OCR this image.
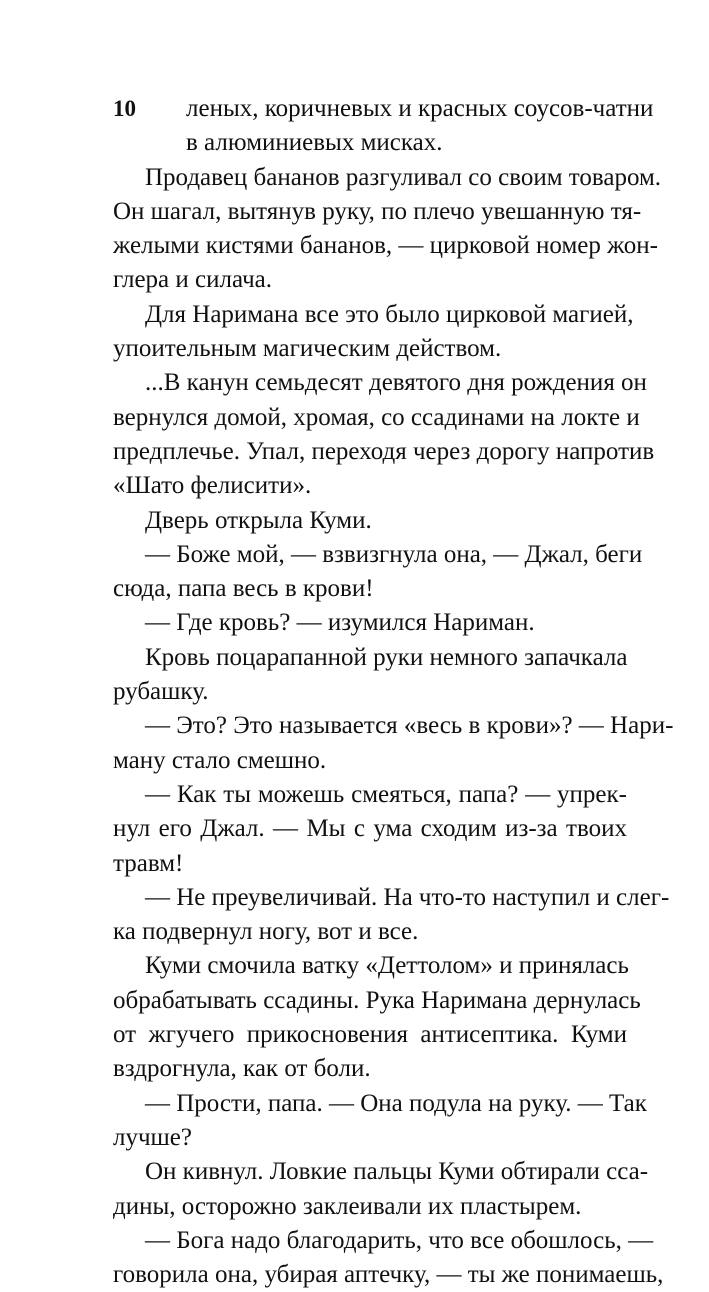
10	леных, коричневых и красных соусов-чатни
в алюминиевых мисках.
Продавец бананов разгуливал со своим товаром.
Он шагал, вытянув руку, по плечо увешанную тя-
желыми кистями бананов, — цирковой номер жон-
глера и силача.
Для Наримана все это было цирковой магией,
упоительным магическим действом.
...В канун семьдесят девятого дня рождения он
вернулся домой, хромая, со ссадинами на локте и
предплечье. Упал, переходя через дорогу напротив
«Шато фелисити».
Дверь открыла Куми.
— Боже мой, — взвизгнула она, — Джал, беги
сюда, папа весь в крови!
— Где кровь? — изумился Нариман.
Кровь поцарапанной руки немного запачкала
рубашку.
— Это? Это называется «весь в крови»? — Нари-
ману стало смешно.
— Как ты можешь смеяться, папа? — упрек-
нул его Джал. — Мы с ума сходим из-за твоих
травм!
— Не преувеличивай. На что-то наступил и слег-
ка подвернул ногу, вот и все.
Куми смочила ватку «Деттолом» и принялась
обрабатывать ссадины. Рука Наримана дернулась
от жгучего прикосновения антисептика. Куми
вздрогнула, как от боли.
— Прости, папа. — Она подула на руку. — Так
лучше?
Он кивнул. Ловкие пальцы Куми обтирали сса-
дины, осторожно заклеивали их пластырем.
— Бога надо благодарить, что все обошлось, —
говорила она, убирая аптечку, — ты же понимаешь,
